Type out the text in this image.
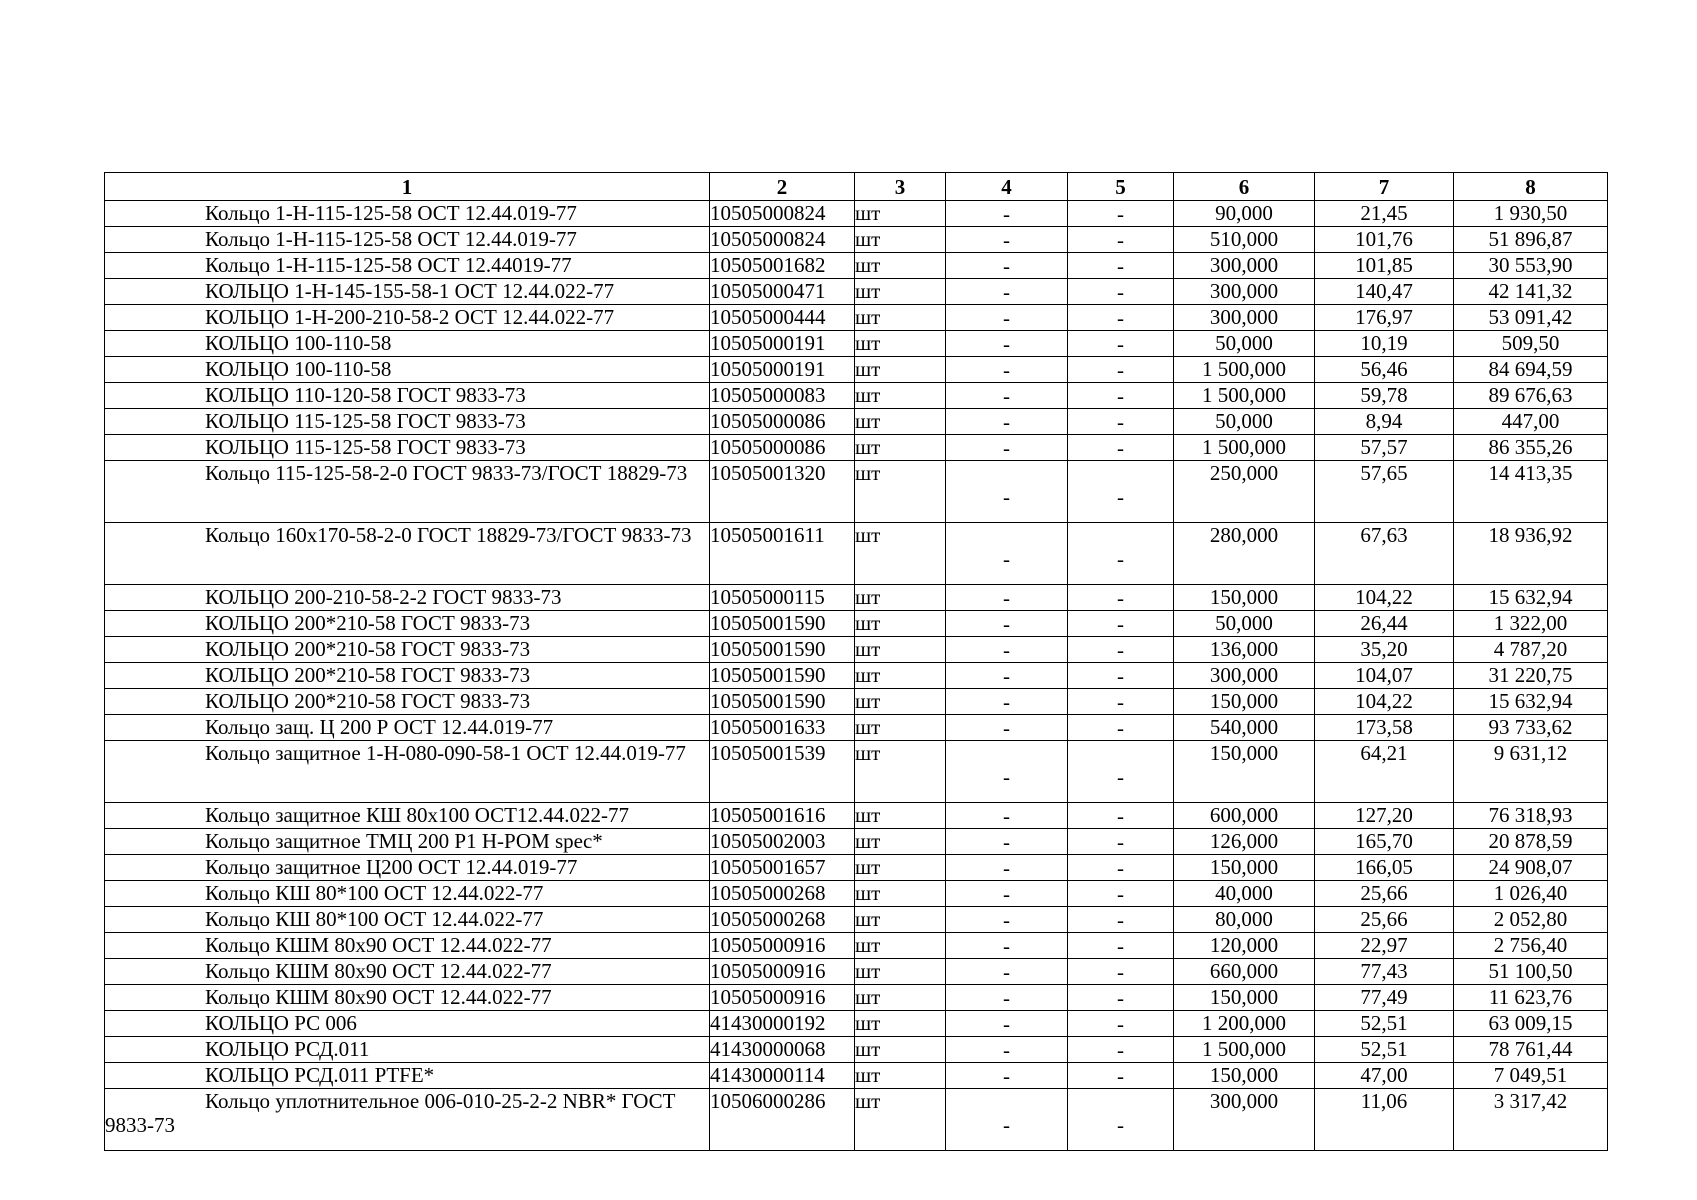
1	2	3	4	5	6	7	8
Кольцо 1-Н-115-125-58 ОСТ 12.44.019-77	10505000824	шт	-	-	90,000	21,45	1 930,50
Кольцо 1-Н-115-125-58 ОСТ 12.44.019-77	10505000824	шт	-	-	510,000	101,76	51 896,87
Кольцо 1-Н-115-125-58 ОСТ 12.44019-77	10505001682	шт	-	-	300,000	101,85	30 553,90
КОЛЬЦО 1-Н-145-155-58-1 ОСТ 12.44.022-77	10505000471	шт	-	-	300,000	140,47	42 141,32
КОЛЬЦО 1-Н-200-210-58-2 ОСТ 12.44.022-77	10505000444	шт	-	-	300,000	176,97	53 091,42
КОЛЬЦО 100-110-58	10505000191	шт	-	-	50,000	10,19	509,50
КОЛЬЦО 100-110-58	10505000191	шт	-	-	1 500,000	56,46	84 694,59
КОЛЬЦО 110-120-58 ГОСТ 9833-73	10505000083	шт	-	-	1 500,000	59,78	89 676,63
КОЛЬЦО 115-125-58 ГОСТ 9833-73	10505000086	шт	-	-	50,000	8,94	447,00
КОЛЬЦО 115-125-58 ГОСТ 9833-73	10505000086	шт	-	-	1 500,000	57,57	86 355,26
Кольцо 115-125-58-2-0 ГОСТ 9833-73/ГОСТ 18829-73	10505001320	шт	-	-	250,000	57,65	14 413,35
Кольцо 160х170-58-2-0 ГОСТ 18829-73/ГОСТ 9833-73	10505001611	шт	-	-	280,000	67,63	18 936,92
КОЛЬЦО 200-210-58-2-2 ГОСТ 9833-73	10505000115	шт	-	-	150,000	104,22	15 632,94
КОЛЬЦО 200*210-58 ГОСТ 9833-73	10505001590	шт	-	-	50,000	26,44	1 322,00
КОЛЬЦО 200*210-58 ГОСТ 9833-73	10505001590	шт	-	-	136,000	35,20	4 787,20
КОЛЬЦО 200*210-58 ГОСТ 9833-73	10505001590	шт	-	-	300,000	104,07	31 220,75
КОЛЬЦО 200*210-58 ГОСТ 9833-73	10505001590	шт	-	-	150,000	104,22	15 632,94
Кольцо защ. Ц 200 Р ОСТ 12.44.019-77	10505001633	шт	-	-	540,000	173,58	93 733,62
Кольцо защитное 1-Н-080-090-58-1 ОСТ 12.44.019-77	10505001539	шт	-	-	150,000	64,21	9 631,12
Кольцо защитное КШ 80х100 ОСТ12.44.022-77	10505001616	шт	-	-	600,000	127,20	76 318,93
Кольцо защитное ТМЦ 200 Р1 Н-РОМ spec*	10505002003	шт	-	-	126,000	165,70	20 878,59
Кольцо защитное Ц200 ОСТ 12.44.019-77	10505001657	шт	-	-	150,000	166,05	24 908,07
Кольцо КШ 80*100 ОСТ 12.44.022-77	10505000268	шт	-	-	40,000	25,66	1 026,40
Кольцо КШ 80*100 ОСТ 12.44.022-77	10505000268	шт	-	-	80,000	25,66	2 052,80
Кольцо КШМ 80х90 ОСТ 12.44.022-77	10505000916	шт	-	-	120,000	22,97	2 756,40
Кольцо КШМ 80х90 ОСТ 12.44.022-77	10505000916	шт	-	-	660,000	77,43	51 100,50
Кольцо КШМ 80х90 ОСТ 12.44.022-77	10505000916	шт	-	-	150,000	77,49	11 623,76
КОЛЬЦО РС 006	41430000192	шт	-	-	1 200,000	52,51	63 009,15
КОЛЬЦО РСД.011	41430000068	шт	-	-	1 500,000	52,51	78 761,44
КОЛЬЦО РСД.011 PTFE*	41430000114	шт	-	-	150,000	47,00	7 049,51
Кольцо уплотнительное 006-010-25-2-2 NBR* ГОСТ 9833-73	10506000286	шт	-	-	300,000	11,06	3 317,42
